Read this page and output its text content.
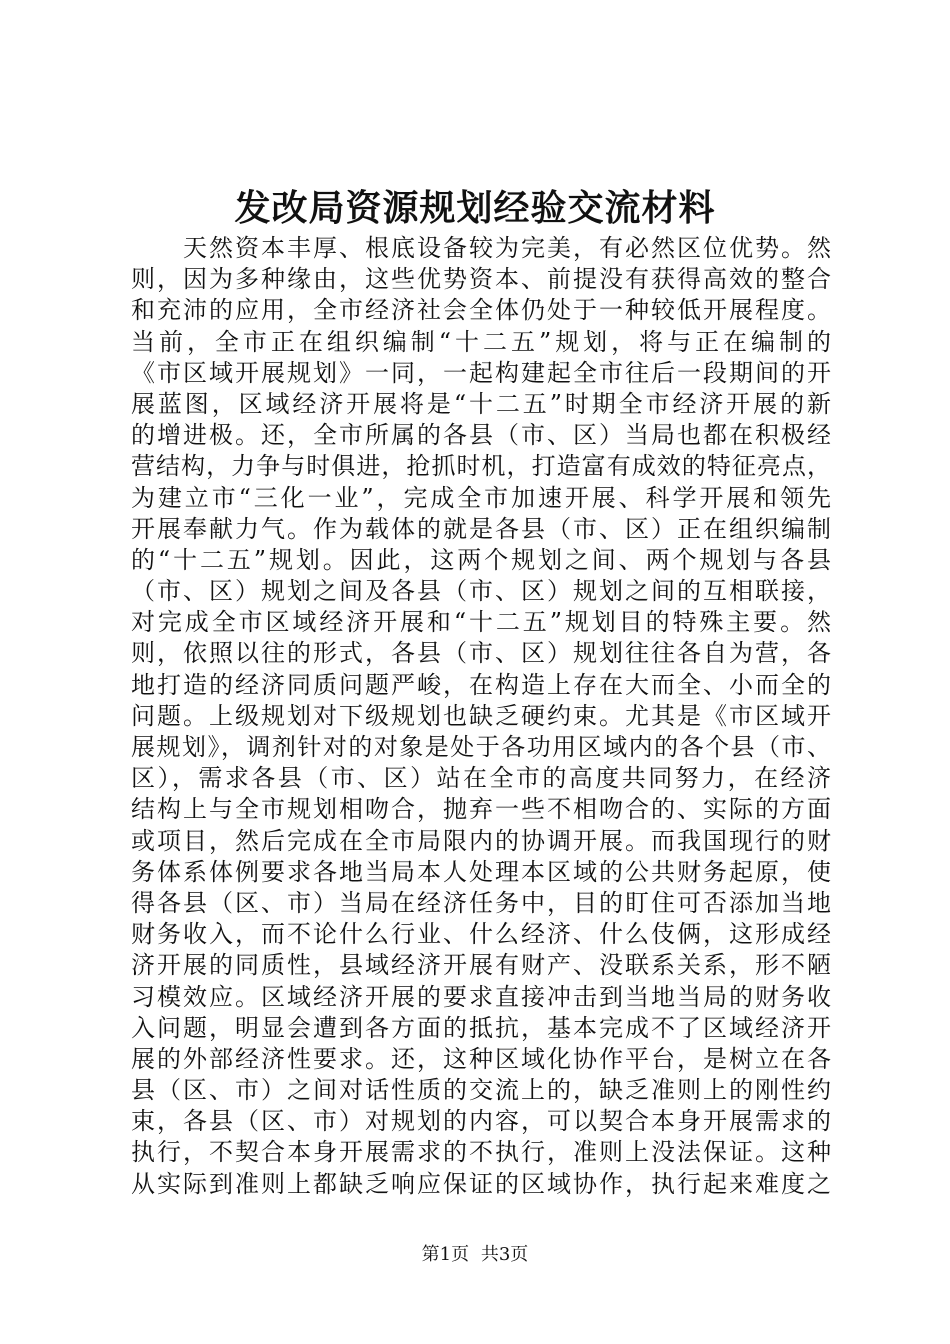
发改局资源规划经验交流材料
　　天然资本丰厚、根底设备较为完美，有必然区位优势。然
则，因为多种缘由，这些优势资本、前提没有获得高效的整合
和充沛的应用，全市经济社会全体仍处于一种较低开展程度。
当前，全市正在组织编制“十二五”规划，将与正在编制的
《市区域开展规划》一同，一起构建起全市往后一段期间的开
展蓝图，区域经济开展将是“十二五”时期全市经济开展的新
的增进极。还，全市所属的各县（市、区）当局也都在积极经
营结构，力争与时俱进，抢抓时机，打造富有成效的特征亮点，
为建立市“三化一业”，完成全市加速开展、科学开展和领先
开展奉献力气。作为载体的就是各县（市、区）正在组织编制
的“十二五”规划。因此，这两个规划之间、两个规划与各县
（市、区）规划之间及各县（市、区）规划之间的互相联接，
对完成全市区域经济开展和“十二五”规划目的特殊主要。然
则，依照以往的形式，各县（市、区）规划往往各自为营，各
地打造的经济同质问题严峻，在构造上存在大而全、小而全的
问题。上级规划对下级规划也缺乏硬约束。尤其是《市区域开
展规划》，调剂针对的对象是处于各功用区域内的各个县（市、
区），需求各县（市、区）站在全市的高度共同努力，在经济
结构上与全市规划相吻合，抛弃一些不相吻合的、实际的方面
或项目，然后完成在全市局限内的协调开展。而我国现行的财
务体系体例要求各地当局本人处理本区域的公共财务起原，使
得各县（区、市）当局在经济任务中，目的盯住可否添加当地
财务收入，而不论什么行业、什么经济、什么伎俩，这形成经
济开展的同质性，县域经济开展有财产、没联系关系，形不陋
习模效应。区域经济开展的要求直接冲击到当地当局的财务收
入问题，明显会遭到各方面的抵抗，基本完成不了区域经济开
展的外部经济性要求。还，这种区域化协作平台，是树立在各
县（区、市）之间对话性质的交流上的，缺乏准则上的刚性约
束，各县（区、市）对规划的内容，可以契合本身开展需求的
执行，不契合本身开展需求的不执行，准则上没法保证。这种
从实际到准则上都缺乏响应保证的区域协作，执行起来难度之
第1页 共3页
